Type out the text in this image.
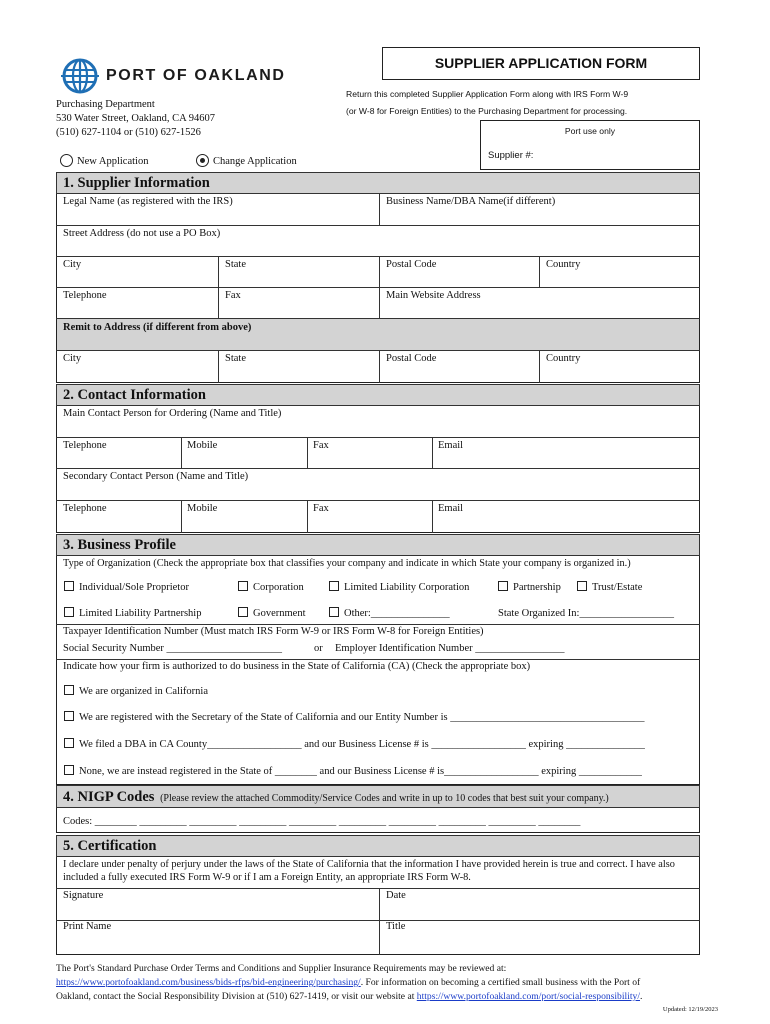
PORT OF OAKLAND
Purchasing Department
530 Water Street, Oakland, CA 94607
(510) 627-1104 or (510) 627-1526
SUPPLIER APPLICATION FORM
Return this completed Supplier Application Form along with IRS Form W-9
(or W-8 for Foreign Entities) to the Purchasing Department for processing.
Port use only
Supplier #:
New Application	Change Application
1. Supplier Information
Legal Name (as registered with the IRS)	Business Name/DBA Name(if different)
Street Address (do not use a PO Box)
City	State	Postal Code	Country
Telephone	Fax	Main Website Address
Remit to Address (if different from above)
City	State	Postal Code	Country
2. Contact Information
Main Contact Person for Ordering (Name and Title)
Telephone	Mobile	Fax	Email
Secondary Contact Person (Name and Title)
Telephone	Mobile	Fax	Email
3. Business Profile
Type of Organization (Check the appropriate box that classifies your company and indicate in which State your company is organized in.)
Individual/Sole Proprietor	Corporation	Limited Liability Corporation	Partnership	Trust/Estate
Limited Liability Partnership	Government	Other:_______________	State Organized In:__________________
Taxpayer Identification Number (Must match IRS Form W-9 or IRS Form W-8 for Foreign Entities)
Social Security Number ______________________	or Employer Identification Number _________________
Indicate how your firm is authorized to do business in the State of California (CA) (Check the appropriate box)
We are organized in California
We are registered with the Secretary of the State of California and our Entity Number is _____________________________________
We filed a DBA in CA County__________________ and our Business License # is __________________ expiring _______________
None, we are instead registered in the State of ________ and our Business License # is__________________ expiring ____________
4. NIGP Codes (Please review the attached Commodity/Service Codes and write in up to 10 codes that best suit your company.)
Codes: ________ _________ _________ _________ _________ _________ _________ _________ _________ ________
5. Certification
I declare under penalty of perjury under the laws of the State of California that the information I have provided herein is true and correct. I have also included a fully executed IRS Form W-9 or if I am a Foreign Entity, an appropriate IRS Form W-8.
Signature	Date
Print Name	Title
The Port's Standard Purchase Order Terms and Conditions and Supplier Insurance Requirements may be reviewed at:
https://www.portofoakland.com/business/bids-rfps/bid-engineering/purchasing/. For information on becoming a certified small business with the Port of
Oakland, contact the Social Responsibility Division at (510) 627-1419, or visit our website at https://www.portofoakland.com/port/social-responsibility/.
Updated: 12/19/2023
